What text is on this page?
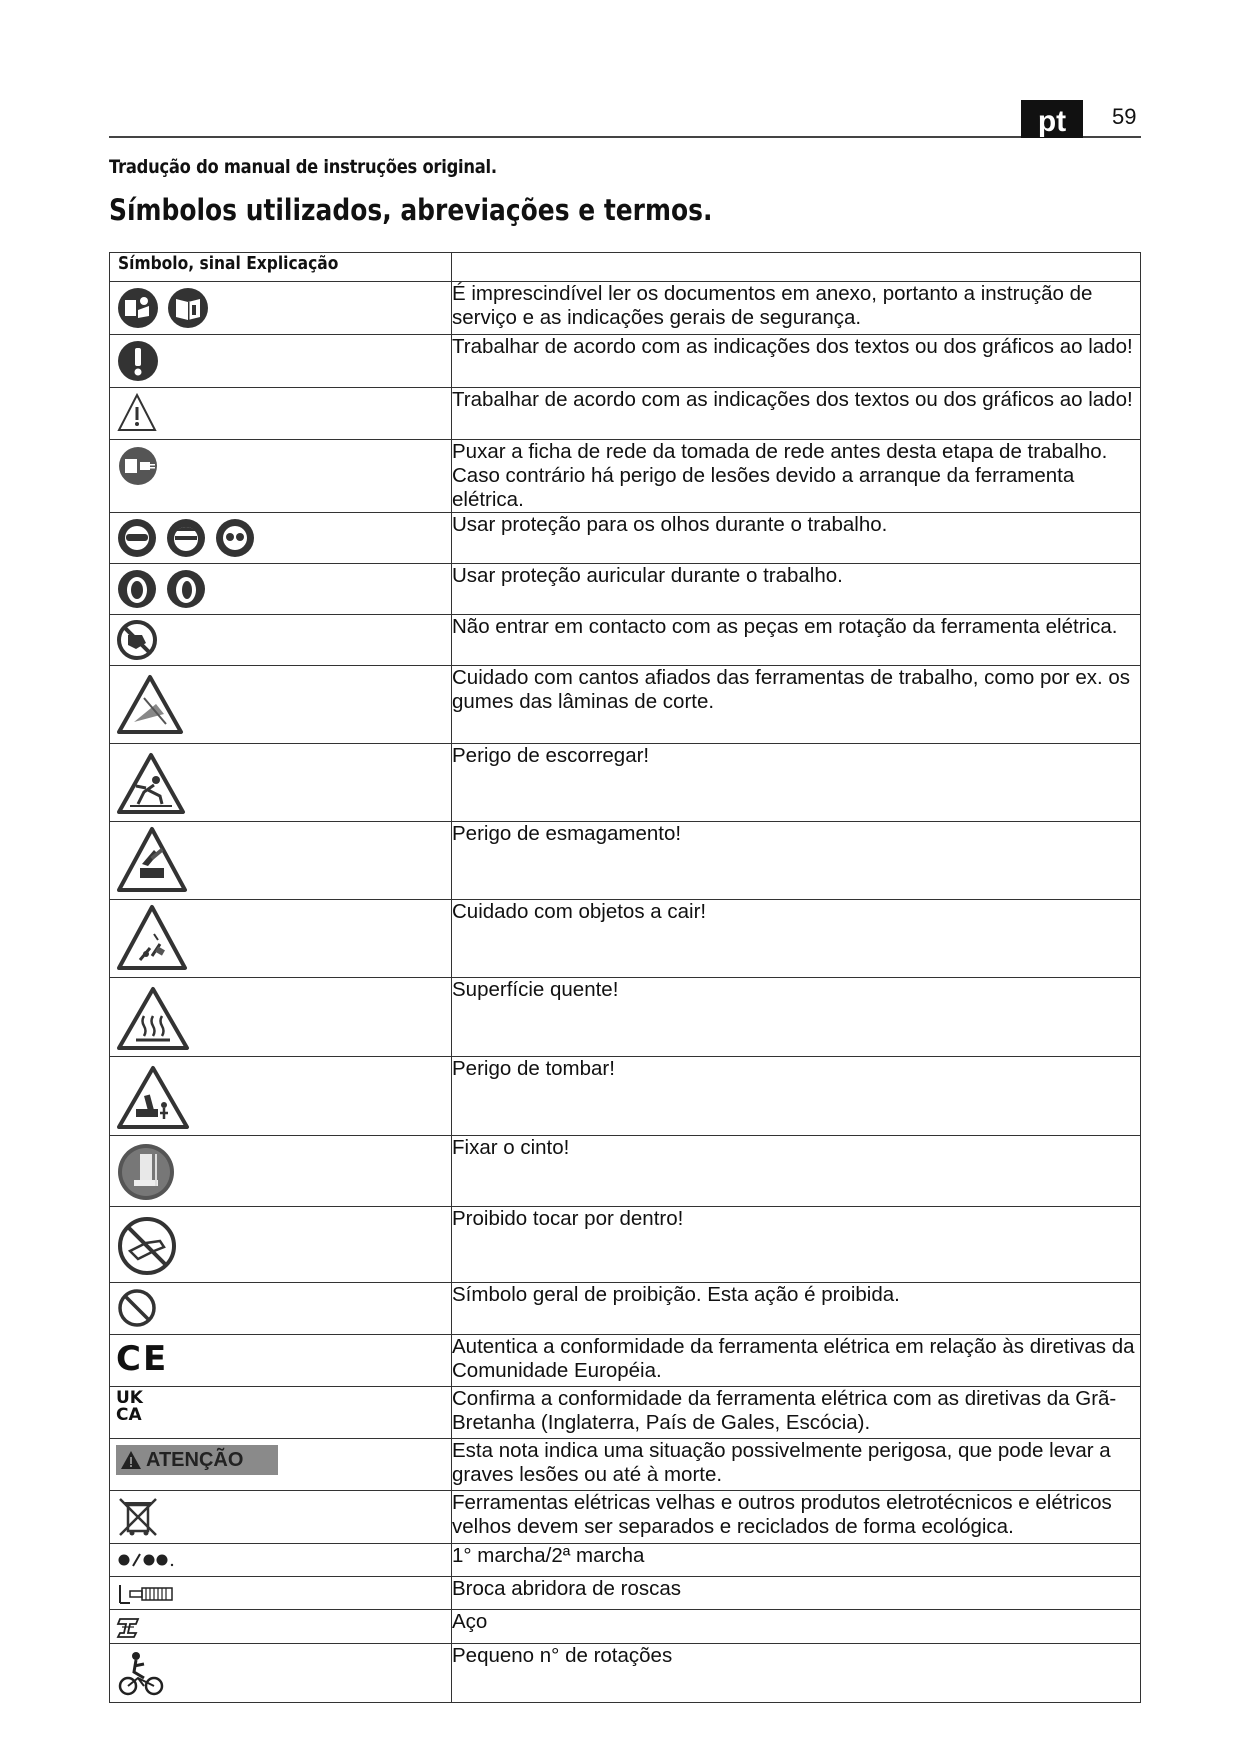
pt	59
Tradução do manual de instruções original.
Símbolos utilizados, abreviações e termos.
Símbolo, sinal Explicação	

	É imprescindível ler os documentos em anexo, portanto a instrução de serviço e as indicações gerais de segurança.

	Trabalhar de acordo com as indicações dos textos ou dos gráficos ao lado!

	Trabalhar de acordo com as indicações dos textos ou dos gráficos ao lado!

	Puxar a ficha de rede da tomada de rede antes desta etapa de trabalho. Caso contrário há perigo de lesões devido a arranque da ferramenta elétrica.

	Usar proteção para os olhos durante o trabalho.

	Usar proteção auricular durante o trabalho.

	Não entrar em contacto com as peças em rotação da ferramenta elétrica.

	Cuidado com cantos afiados das ferramentas de trabalho, como por ex. os gumes das lâminas de corte.

	Perigo de escorregar!

	Perigo de esmagamento!

	Cuidado com objetos a cair!

	Superfície quente!

	Perigo de tombar!

	Fixar o cinto!

	Proibido tocar por dentro!

	Símbolo geral de proibição. Esta ação é proibida.

CE	Autentica a conformidade da ferramenta elétrica em relação às diretivas da Comunidade Européia.

UK
CA	Confirma a conformidade da ferramenta elétrica com as diretivas da Grã-Bretanha (Inglaterra, País de Gales, Escócia).

ATENÇÃO	Esta nota indica uma situação possivelmente perigosa, que pode levar a graves lesões ou até à morte.

	Ferramentas elétricas velhas e outros produtos eletrotécnicos e elétricos velhos devem ser separados e reciclados de forma ecológica.

	1° marcha/2ª marcha

	Broca abridora de roscas

	Aço

	Pequeno n° de rotações
